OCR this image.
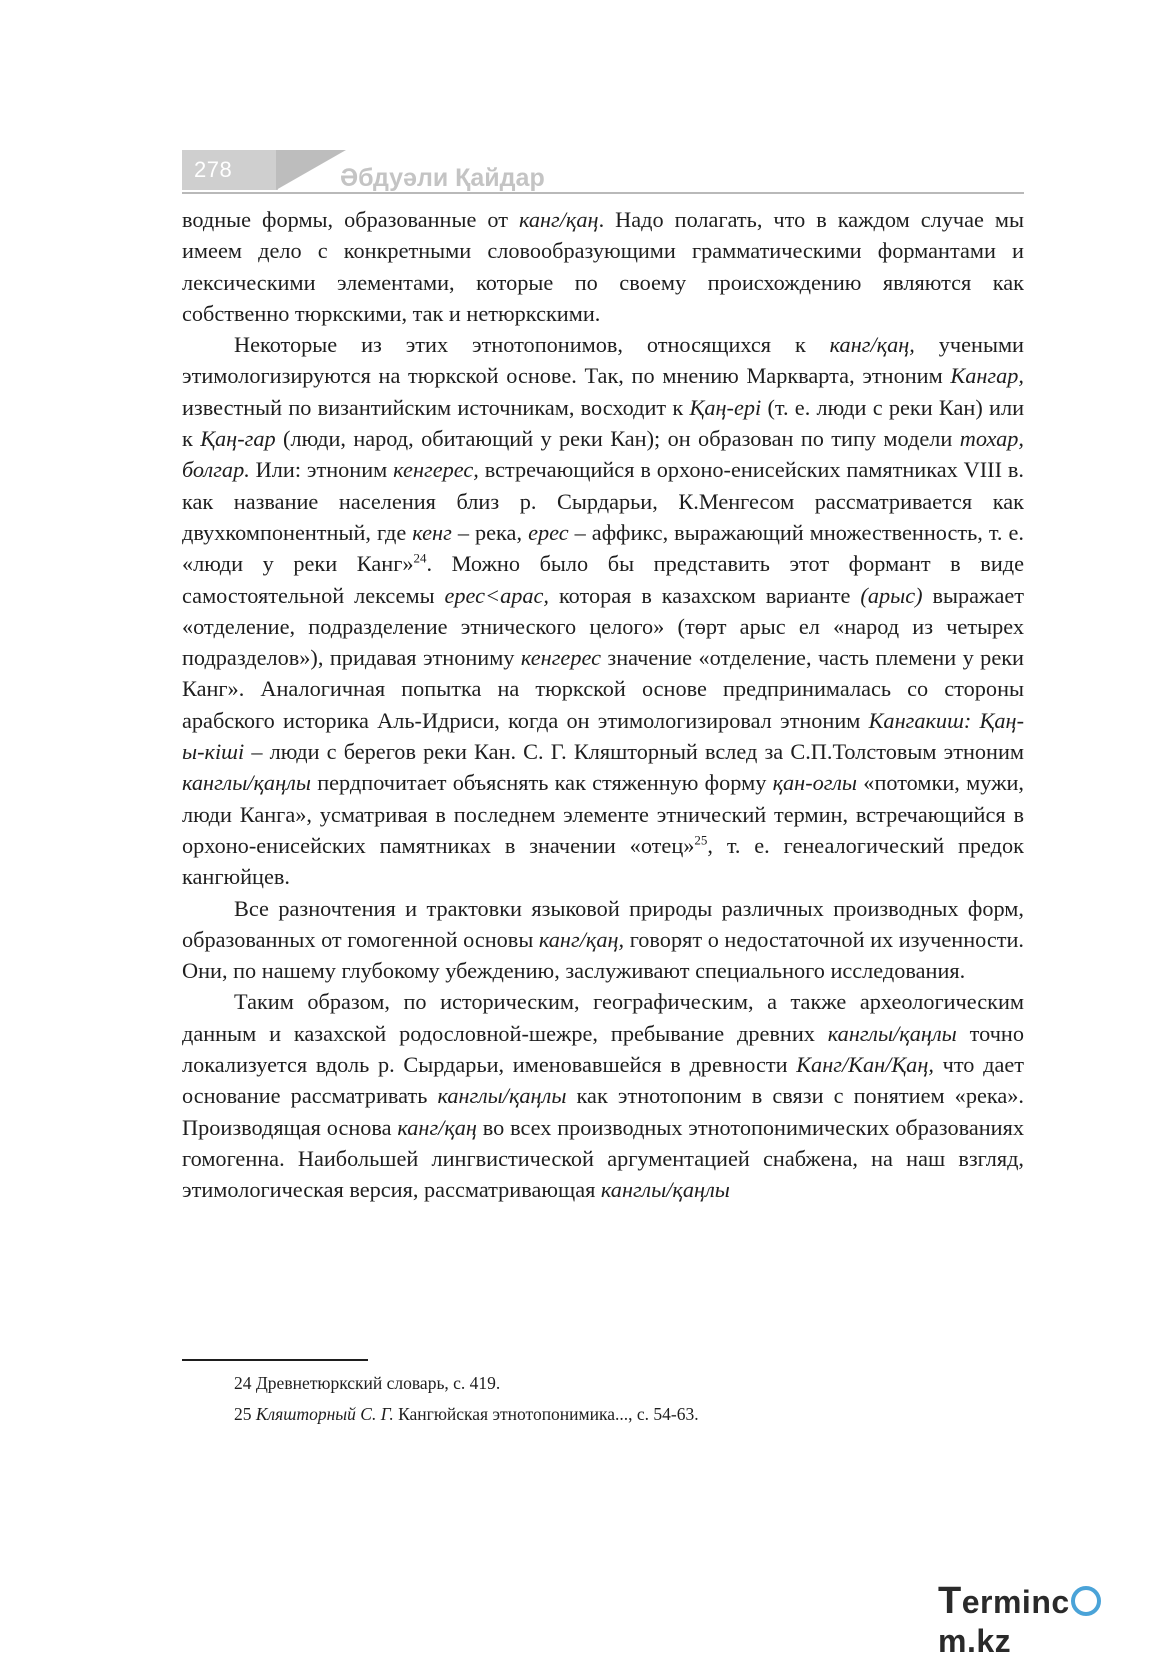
278	Әбдуәли Қайдар

водные формы, образованные от канг/қаң. Надо полагать, что в каждом случае мы имеем дело с конкретными словообразующими грамматическими формантами и лексическими элементами, которые по своему происхождению являются как собственно тюркскими, так и нетюркскими.

Некоторые из этих этнотопонимов, относящихся к канг/қаң, учеными этимологизируются на тюркской основе. Так, по мнению Маркварта, этноним Кангар, известный по византийским источникам, восходит к Қаң-ері (т. е. люди с реки Кан) или к Қаң-гар (люди, народ, обитающий у реки Кан); он образован по типу модели тохар, болгар. Или: этноним кенгерес, встречающийся в орхоно-енисейских памятниках VIII в. как название населения близ р. Сырдарьи, К.Менгесом рассматривается как двухкомпонентный, где кенг – река, ерес – аффикс, выражающий множественность, т. е. «люди у реки Канг»$^{24}$. Можно было бы представить этот формант в виде самостоятельной лексемы ерес<арас, которая в казахском варианте (арыс) выражает «отделение, подразделение этнического целого» (төрт арыс ел «народ из четырех подразделов»), придавая этнониму кенгерес значение «отделение, часть племени у реки Канг». Аналогичная попытка на тюркской основе предпринималась со стороны арабского историка Аль-Идриси, когда он этимологизировал этноним Кангакиш: Қаң-ы-кіші – люди с берегов реки Кан. С. Г. Кляшторный вслед за С.П.Толстовым этноним канглы/қаңлы пердпочитает объяснять как стяженную форму қан-оглы «потомки, мужи, люди Канга», усматривая в последнем элементе этнический термин, встречающийся в орхоно-енисейских памятниках в значении «отец»$^{25}$, т. е. генеалогический предок кангюйцев.

Все разночтения и трактовки языковой природы различных производных форм, образованных от гомогенной основы канг/қаң, говорят о недостаточной их изученности. Они, по нашему глубокому убеждению, заслуживают специального исследования.

Таким образом, по историческим, географическим, а также археологическим данным и казахской родословной-шежре, пребывание древних канглы/қаңлы точно локализуется вдоль р. Сырдарьи, именовавшейся в древности Канг/Кан/Қаң, что дает основание рассматривать канглы/қаңлы как этнотопоним в связи с понятием «река». Производящая основа канг/қаң во всех производных этнотопонимических образованиях гомогенна. Наибольшей лингвистической аргументацией снабжена, на наш взгляд, этимологическая версия, рассматривающая канглы/қаңлы

24 Древнетюркский словарь, с. 419.
25 Кляшторный С. Г. Кангюйская этнотопонимика..., с. 54-63.
Termincm.kz
